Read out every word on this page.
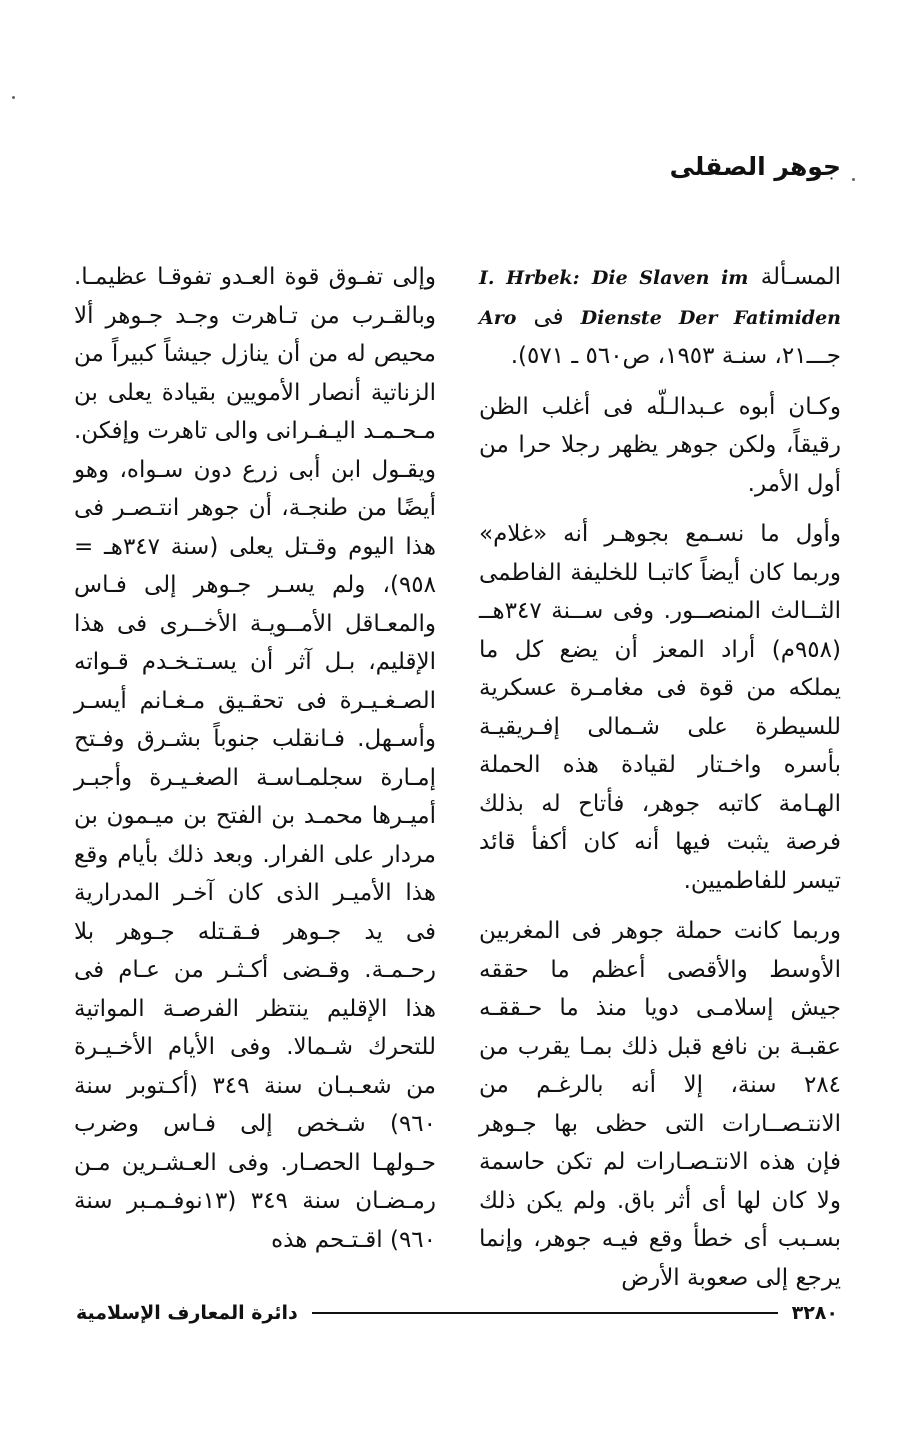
جوهر الصقلى

المسـألة I. Hrbek: Die Slaven im Dienste Der Fatimiden فى Aro جـــ٢١، سنـة ١٩٥٣، ص٥٦٠ ـ ٥٧١).

وكـان أبوه عـبدالـلّه فى أغلب الظن رقيقاً، ولكن جوهر يظهر رجلا حرا من أول الأمر.

وأول ما نسـمع بجوهـر أنه «غلام» وربما كان أيضاً كاتبـا للخليفة الفاطمى الثــالث المنصــور. وفى ســنة ٣٤٧هــ (٩٥٨م) أراد المعز أن يضع كل ما يملكه من قوة فى مغامـرة عسكرية للسيطرة على شـمالى إفـريقيـة بأسره واخـتار لقيادة هذه الحملة الهـامة كاتبه جوهر، فأتاح له بذلك فرصة يثبت فيها أنه كان أكفأ قائد تيسر للفاطميين.

وربما كانت حملة جوهر فى المغربين الأوسط والأقصى أعظم ما حققه جيش إسلامـى دويا منذ ما حـققـه عقبـة بن نافع قبل ذلك بمـا يقرب من ٢٨٤ سنة، إلا أنه بالرغـم من الانتـصــارات التى حظى بها جـوهر فإن هذه الانتـصـارات لم تكن حاسمة ولا كان لها أى أثر باق. ولم يكن ذلك بسـبب أى خطأ وقع فيـه جوهر، وإنما يرجع إلى صعوبة الأرض

وإلى تفـوق قوة العـدو تفوقـا عظيمـا. وبالقـرب من تـاهرت وجـد جـوهر ألا محيص له من أن ينازل جيشاً كبيراً من الزناتية أنصار الأمويين بقيادة يعلى بن مـحـمـد اليـفـرانى والى تاهرت وإفكن. ويقـول ابن أبى زرع دون سـواه، وهو أيضًا من طنجـة، أن جوهر انتـصـر فى هذا اليوم وقـتل يعلى (سنة ٣٤٧هـ = ٩٥٨)، ولم يسـر جـوهر إلى فـاس والمعـاقل الأمــويـة الأخــرى فى هذا الإقليم، بـل آثر أن يسـتـخـدم قـواته الصـغـيـرة فى تحقـيق مـغـانم أيسـر وأسـهل. فـانقلب جنوباً بشـرق وفـتح إمـارة سجلمـاسـة الصغـيـرة وأجبـر أميـرها محمـد بن الفتح بن ميـمون بن مردار على الفرار. وبعد ذلك بأيام وقع هذا الأميـر الذى كان آخـر المدرارية فى يد جـوهر فـقـتله جـوهر بلا رحـمـة. وقـضى أكـثـر من عـام فى هذا الإقليم ينتظر الفرصـة المواتية للتحرك شـمالا. وفى الأيام الأخـيـرة من شعـبـان سنة ٣٤٩ (أكـتوبر سنة ٩٦٠) شـخص إلى فـاس وضرب حـولهـا الحصـار. وفى العـشـرين مـن رمـضـان سنة ٣٤٩ (١٣نوفـمـبر سنة ٩٦٠) اقـتـحم هذه

٣٢٨٠
دائرة المعارف الإسلامية
